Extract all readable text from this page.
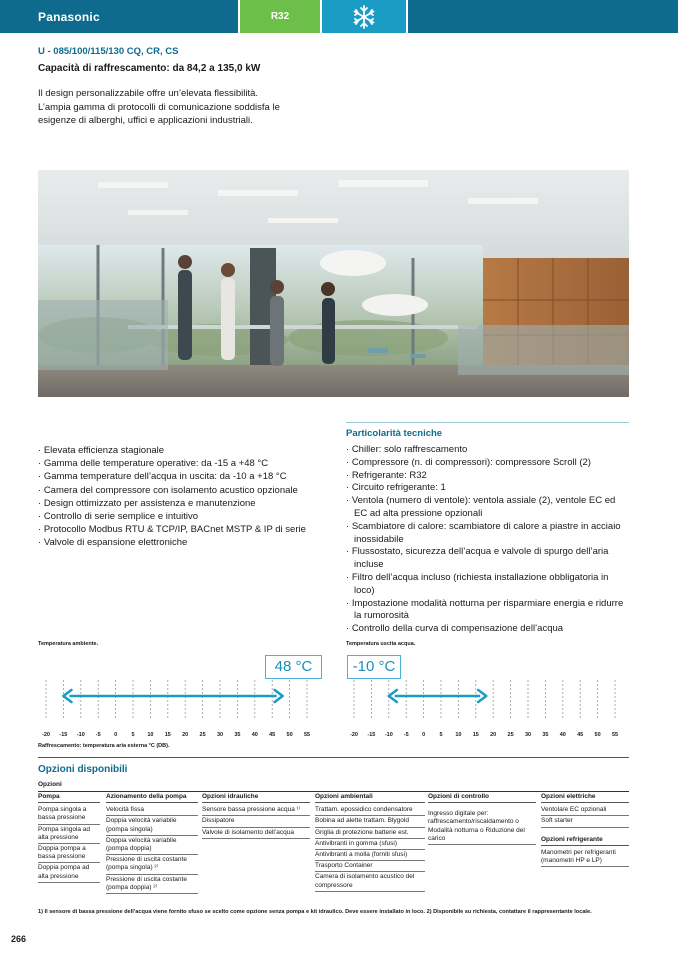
Panasonic	R32
U - 085/100/115/130 CQ, CR, CS
Capacità di raffrescamento: da 84,2 a 135,0 kW

Il design personalizzabile offre un’elevata flessibilità.

L’ampia gamma di protocolli di comunicazione soddisfa le

esigenze di alberghi, uffici e applicazioni industriali.

· Elevata efficienza stagionale
· Gamma delle temperature operative: da -15 a +48 °C
· Gamma temperature dell’acqua in uscita: da -10 a +18 °C
· Camera del compressore con isolamento acustico opzionale
· Design ottimizzato per assistenza e manutenzione
· Controllo di serie semplice e intuitivo
· Protocollo Modbus RTU & TCP/IP, BACnet MSTP & IP di serie
· Valvole di espansione elettroniche
Particolarità tecniche
· Chiller: solo raffrescamento
· Compressore (n. di compressori): compressore Scroll (2)
· Refrigerante: R32
· Circuito refrigerante: 1
· Ventola (numero di ventole): ventola assiale (2), ventole EC ed EC ad alta pressione opzionali
· Scambiatore di calore: scambiatore di calore a piastre in acciaio inossidabile
· Flussostato, sicurezza dell’acqua e valvole di spurgo dell’aria incluse
· Filtro dell’acqua incluso (richiesta installazione obbligatoria in loco)
· Impostazione modalità notturna per risparmiare energia e ridurre la rumorosità
· Controllo della curva di compensazione dell’acqua
Temperatura ambiente.	Temperatura uscita acqua.
48 °C	-10 °C
-20 -15 -10 -5 0	5 10 15 20 25 30 35 40 45 50 55	-20 -15 -10 -5 0	5 10 15 20 25 30 35 40 45 50 55
Raffrescamento: temperatura aria esterna °C (DB).
Opzioni disponibili
Opzioni
Pompa
Pompa singola a bassa pressione
Pompa singola ad alta pressione
Doppia pompa a bassa pressione
Doppia pompa ad alta pressione
Azionamento della pompa
Velocità fissa
Doppia velocità variabile (pompa singola)
Doppia velocità variabile (pompa doppia)
Pressione di uscita costante (pompa singola) ²⁾
Pressione di uscita costante (pompa doppia) ²⁾
Opzioni idrauliche
Sensore bassa pressione acqua ¹⁾
Dissipatore
Valvole di isolamento dell’acqua
Opzioni ambientali
Trattam. epossidico condensatore
Bobina ad alette trattam. Blygold
Griglia di protezione batterie est.
Antivibranti in gomma (sfusi)
Antivibranti a molla (forniti sfusi)
Trasporto Container
Camera di isolamento acustico del compressore
Opzioni di controllo
Ingresso digitale per: raffrescamento/riscaldamento o Modalità notturna o Riduzione del carico
Opzioni elettriche
Ventola/e EC opzionali
Soft starter
Opzioni refrigerante
Manometri per refrigeranti (manometri HP e LP)
1) Il sensore di bassa pressione dell’acqua viene fornito sfuso se scelto come opzione senza pompa e kit idraulico. Deve essere installato in loco. 2) Disponibile su richiesta, contattare il rappresentante locale.
266
